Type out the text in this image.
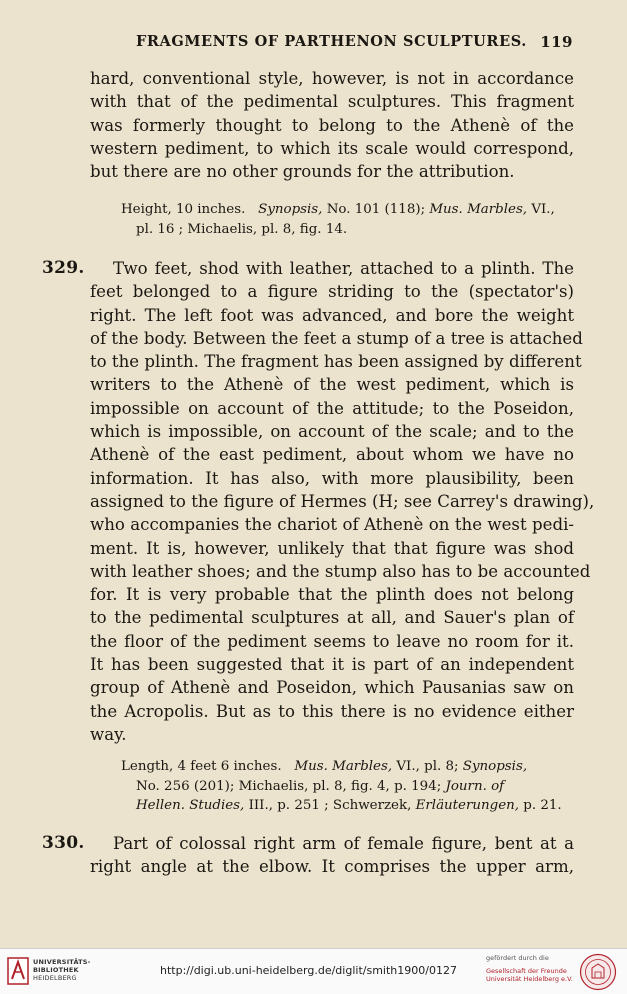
FRAGMENTS OF PARTHENON SCULPTURES. 119
hard, conventional style, however, is not in accordance
with that of the pedimental sculptures. This fragment
was formerly thought to belong to the Athenè of the
western pediment, to which its scale would correspond,
but there are no other grounds for the attribution.
Height, 10 inches. Synopsis, No. 101 (118); Mus. Marbles, VI.,
pl. 16 ; Michaelis, pl. 8, fig. 14.
329.	Two feet, shod with leather, attached to a plinth. The
feet belonged to a figure striding to the (spectator's)
right. The left foot was advanced, and bore the weight
of the body. Between the feet a stump of a tree is attached
to the plinth. The fragment has been assigned by different
writers to the Athenè of the west pediment, which is
impossible on account of the attitude; to the Poseidon,
which is impossible, on account of the scale; and to the
Athenè of the east pediment, about whom we have no
information. It has also, with more plausibility, been
assigned to the figure of Hermes (H; see Carrey's drawing),
who accompanies the chariot of Athenè on the west pedi-
ment. It is, however, unlikely that that figure was shod
with leather shoes; and the stump also has to be accounted
for. It is very probable that the plinth does not belong
to the pedimental sculptures at all, and Sauer's plan of
the floor of the pediment seems to leave no room for it.
It has been suggested that it is part of an independent
group of Athenè and Poseidon, which Pausanias saw on
the Acropolis. But as to this there is no evidence either
way.
Length, 4 feet 6 inches. Mus. Marbles, VI., pl. 8; Synopsis,
No. 256 (201); Michaelis, pl. 8, fig. 4, p. 194; Journ. of
Hellen. Studies, III., p. 251 ; Schwerzek, Erläuterungen, p. 21.
330.	Part of colossal right arm of female figure, bent at a
right angle at the elbow. It comprises the upper arm,
UNIVERSITÄTS-
BIBLIOTHEK
HEIDELBERG
http://digi.ub.uni-heidelberg.de/diglit/smith1900/0127
gefördert durch die
Gesellschaft der Freunde
Universität Heidelberg e.V.
